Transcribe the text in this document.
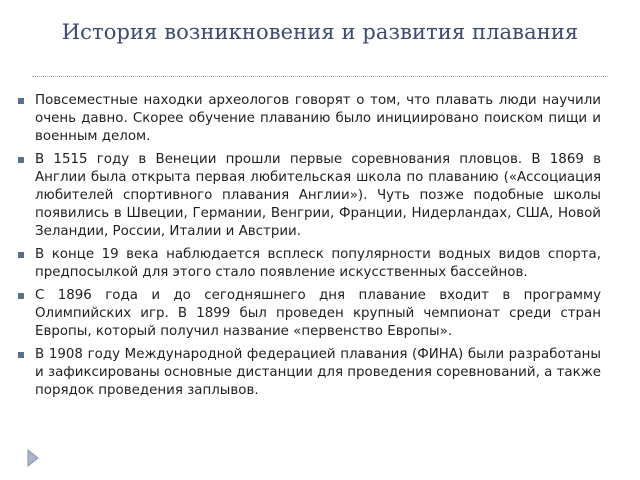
История возникновения и развития плавания
Повсеместные находки археологов говорят о том, что плавать люди научили очень давно. Скорее обучение плаванию было инициировано поиском пищи и военным делом.
В 1515 году в Венеции прошли первые соревнования пловцов. В 1869 в Англии была открыта первая любительская школа по плаванию («Ассоциация любителей спортивного плавания Англии»). Чуть позже подобные школы появились в Швеции, Германии, Венгрии, Франции, Нидерландах, США, Новой Зеландии, России, Италии и Австрии.
В конце 19 века наблюдается всплеск популярности водных видов спорта, предпосылкой для этого стало появление искусственных бассейнов.
С 1896 года и до сегодняшнего дня плавание входит в программу Олимпийских игр. В 1899 был проведен крупный чемпионат среди стран Европы, который получил название «первенство Европы».
В 1908 году Международной федерацией плавания (ФИНА) были разработаны и зафиксированы основные дистанции для проведения соревнований, а также порядок проведения заплывов.
